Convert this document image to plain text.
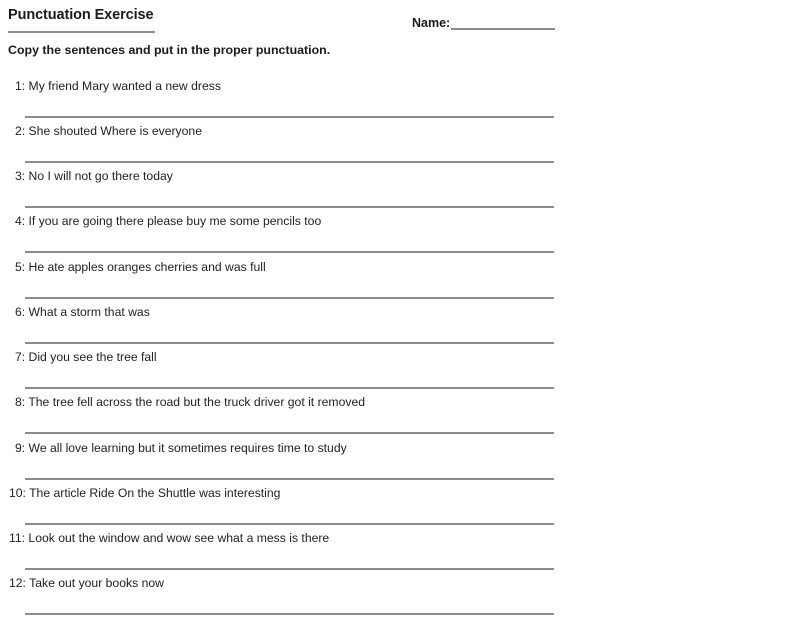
Punctuation Exercise	Name:
Copy the sentences and put in the proper punctuation.
1: My friend Mary wanted a new dress
2: She shouted Where is everyone
3: No I will not go there today
4: If you are going there please buy me some pencils too
5: He ate apples oranges cherries and was full
6: What a storm that was
7: Did you see the tree fall
8: The tree fell across the road but the truck driver got it removed
9: We all love learning but it sometimes requires time to study
10: The article Ride On the Shuttle was interesting
11: Look out the window and wow see what a mess is there
12: Take out your books now
